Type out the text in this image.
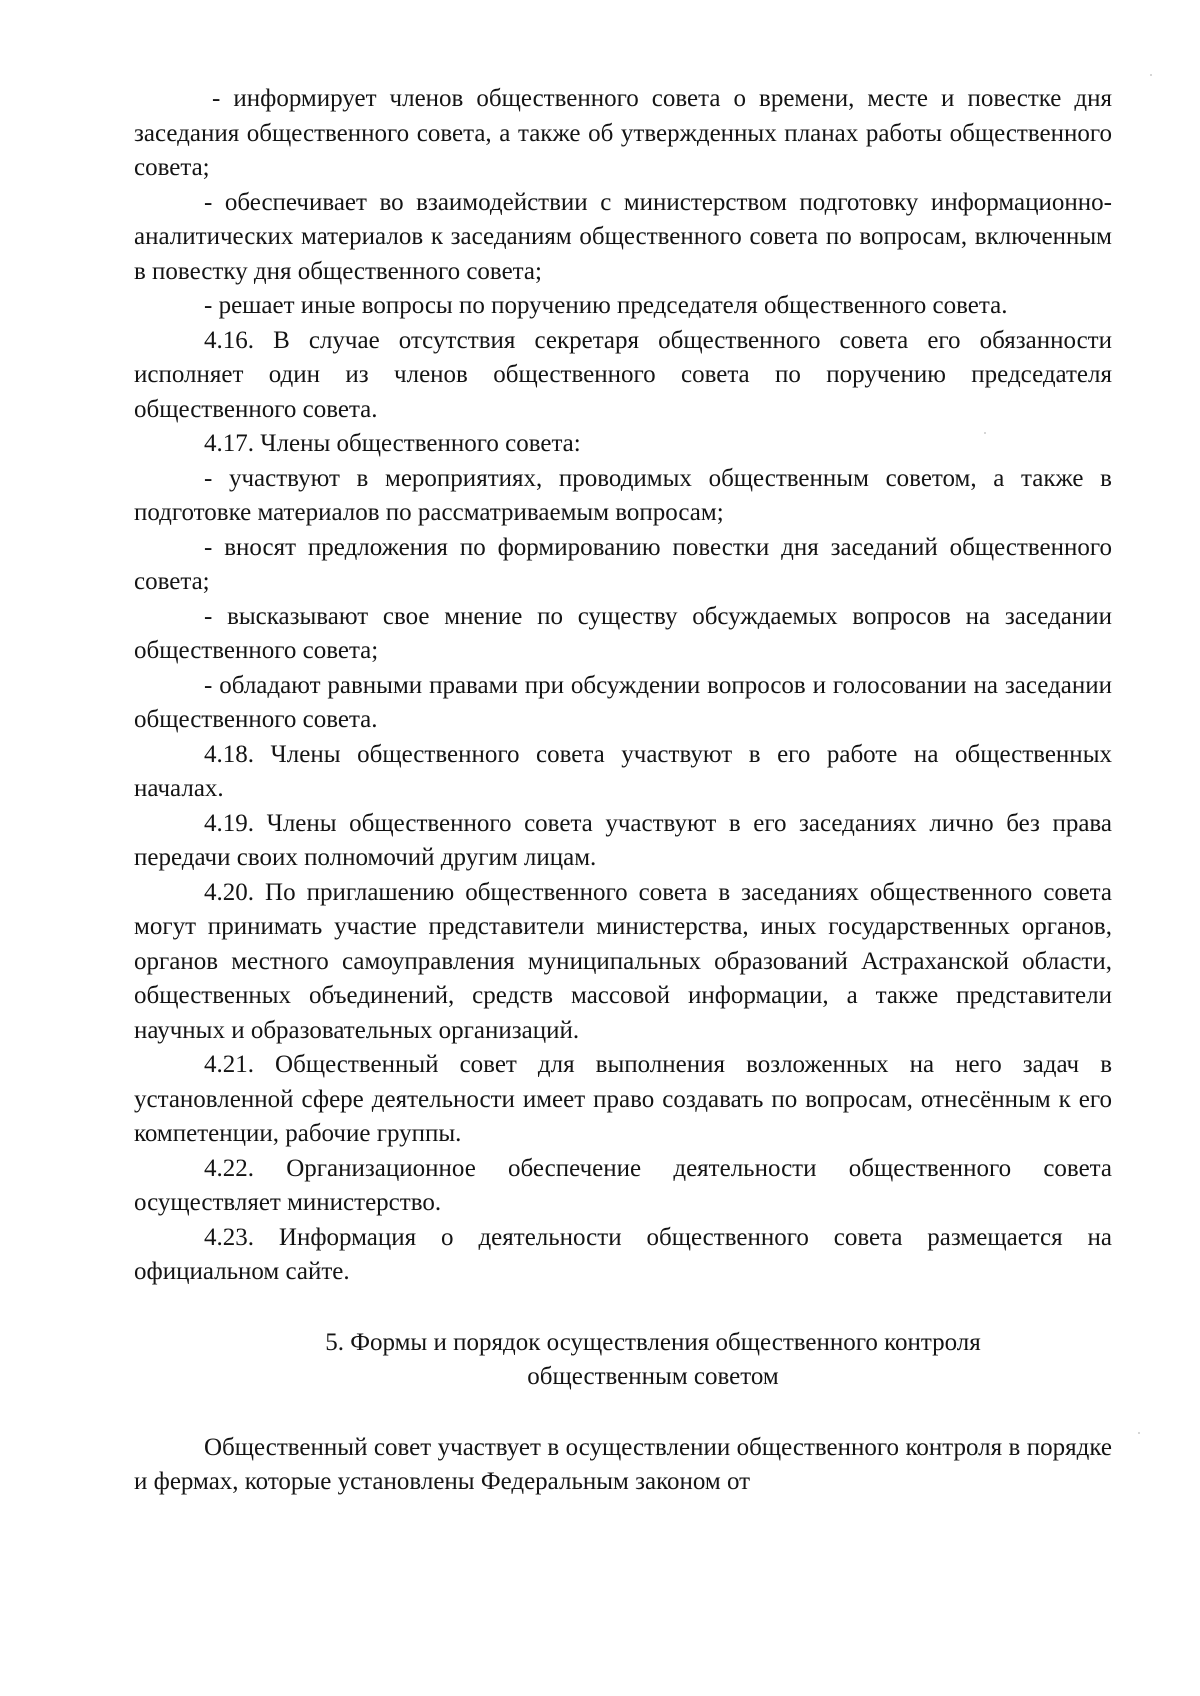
- информирует членов общественного совета о времени, месте и повестке дня заседания общественного совета, а также об утвержденных планах работы общественного совета;

- обеспечивает во взаимодействии с министерством подготовку информационно-аналитических материалов к заседаниям общественного совета по вопросам, включенным в повестку дня общественного совета;

- решает иные вопросы по поручению председателя общественного совета.

4.16. В случае отсутствия секретаря общественного совета его обязанности исполняет один из членов общественного совета по поручению председателя общественного совета.

4.17. Члены общественного совета:

- участвуют в мероприятиях, проводимых общественным советом, а также в подготовке материалов по рассматриваемым вопросам;

- вносят предложения по формированию повестки дня заседаний общественного совета;

- высказывают свое мнение по существу обсуждаемых вопросов на заседании общественного совета;

- обладают равными правами при обсуждении вопросов и голосовании на заседании общественного совета.

4.18. Члены общественного совета участвуют в его работе на общественных началах.

4.19. Члены общественного совета участвуют в его заседаниях лично без права передачи своих полномочий другим лицам.

4.20. По приглашению общественного совета в заседаниях общественного совета могут принимать участие представители министерства, иных государственных органов, органов местного самоуправления муниципальных образований Астраханской области, общественных объединений, средств массовой информации, а также представители научных и образовательных организаций.

4.21. Общественный совет для выполнения возложенных на него задач в установленной сфере деятельности имеет право создавать по вопросам, отнесённым к его компетенции, рабочие группы.

4.22. Организационное обеспечение деятельности общественного совета осуществляет министерство.

4.23. Информация о деятельности общественного совета размещается на официальном сайте.

5. Формы и порядок осуществления общественного контроля
общественным советом

Общественный совет участвует в осуществлении общественного контроля в порядке и фермах, которые установлены Федеральным законом от
